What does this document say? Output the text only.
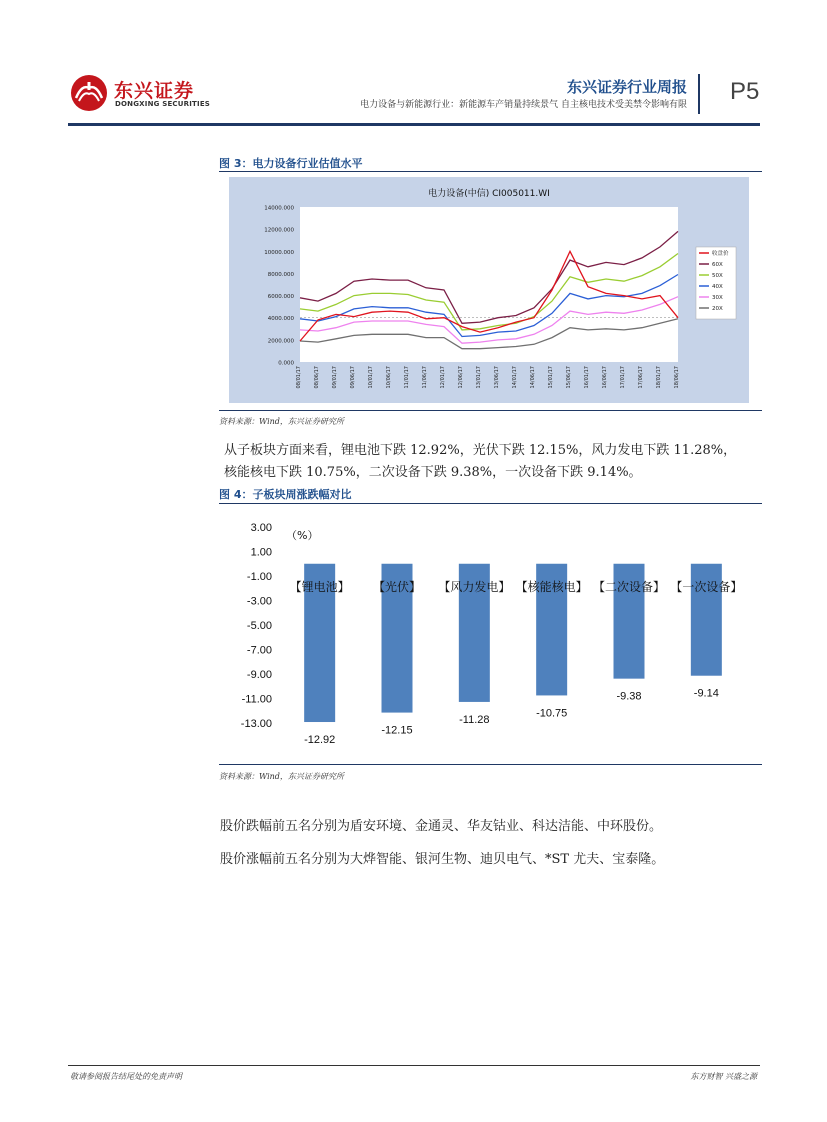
东兴证券
DONGXING SECURITIES
东兴证券行业周报
电力设备与新能源行业：新能源车产销量持续景气 自主核电技术受美禁令影响有限 P5
图 3：电力设备行业估值水平
电力设备(中信) CI005011.WI
0.000
2000.000
4000.000
6000.000
8000.000
10000.000
12000.000
14000.000
08/01/17 08/06/17 09/01/17 09/06/17 10/01/17 10/06/17 11/01/17 11/06/17 12/01/17 12/06/17 13/01/17 13/06/17 14/01/17 14/06/17 15/01/17 15/06/17 16/01/17 16/06/17 17/01/17 17/06/17 18/01/17 18/06/17
收盘价
60X
50X
40X
30X
20X
资料来源：Wind，东兴证券研究所
从子板块方面来看，锂电池下跌 12.92%，光伏下跌 12.15%，风力发电下跌 11.28%，
核能核电下跌 10.75%，二次设备下跌 9.38%，一次设备下跌 9.14%。
图 4：子板块周涨跌幅对比
3.00
1.00
-1.00
-3.00
-5.00
-7.00
-9.00
-11.00
-13.00
（%）
-12.92
【锂电池】
-12.15
【光伏】
-11.28
【风力发电】
-10.75
【核能核电】
-9.38
【二次设备】
-9.14
【一次设备】
资料来源：Wind，东兴证券研究所
股价跌幅前五名分别为盾安环境、金通灵、华友钴业、科达洁能、中环股份。
股价涨幅前五名分别为大烨智能、银河生物、迪贝电气、*ST 尤夫、宝泰隆。
敬请参阅报告结尾处的免责声明	东方财智 兴盛之源
